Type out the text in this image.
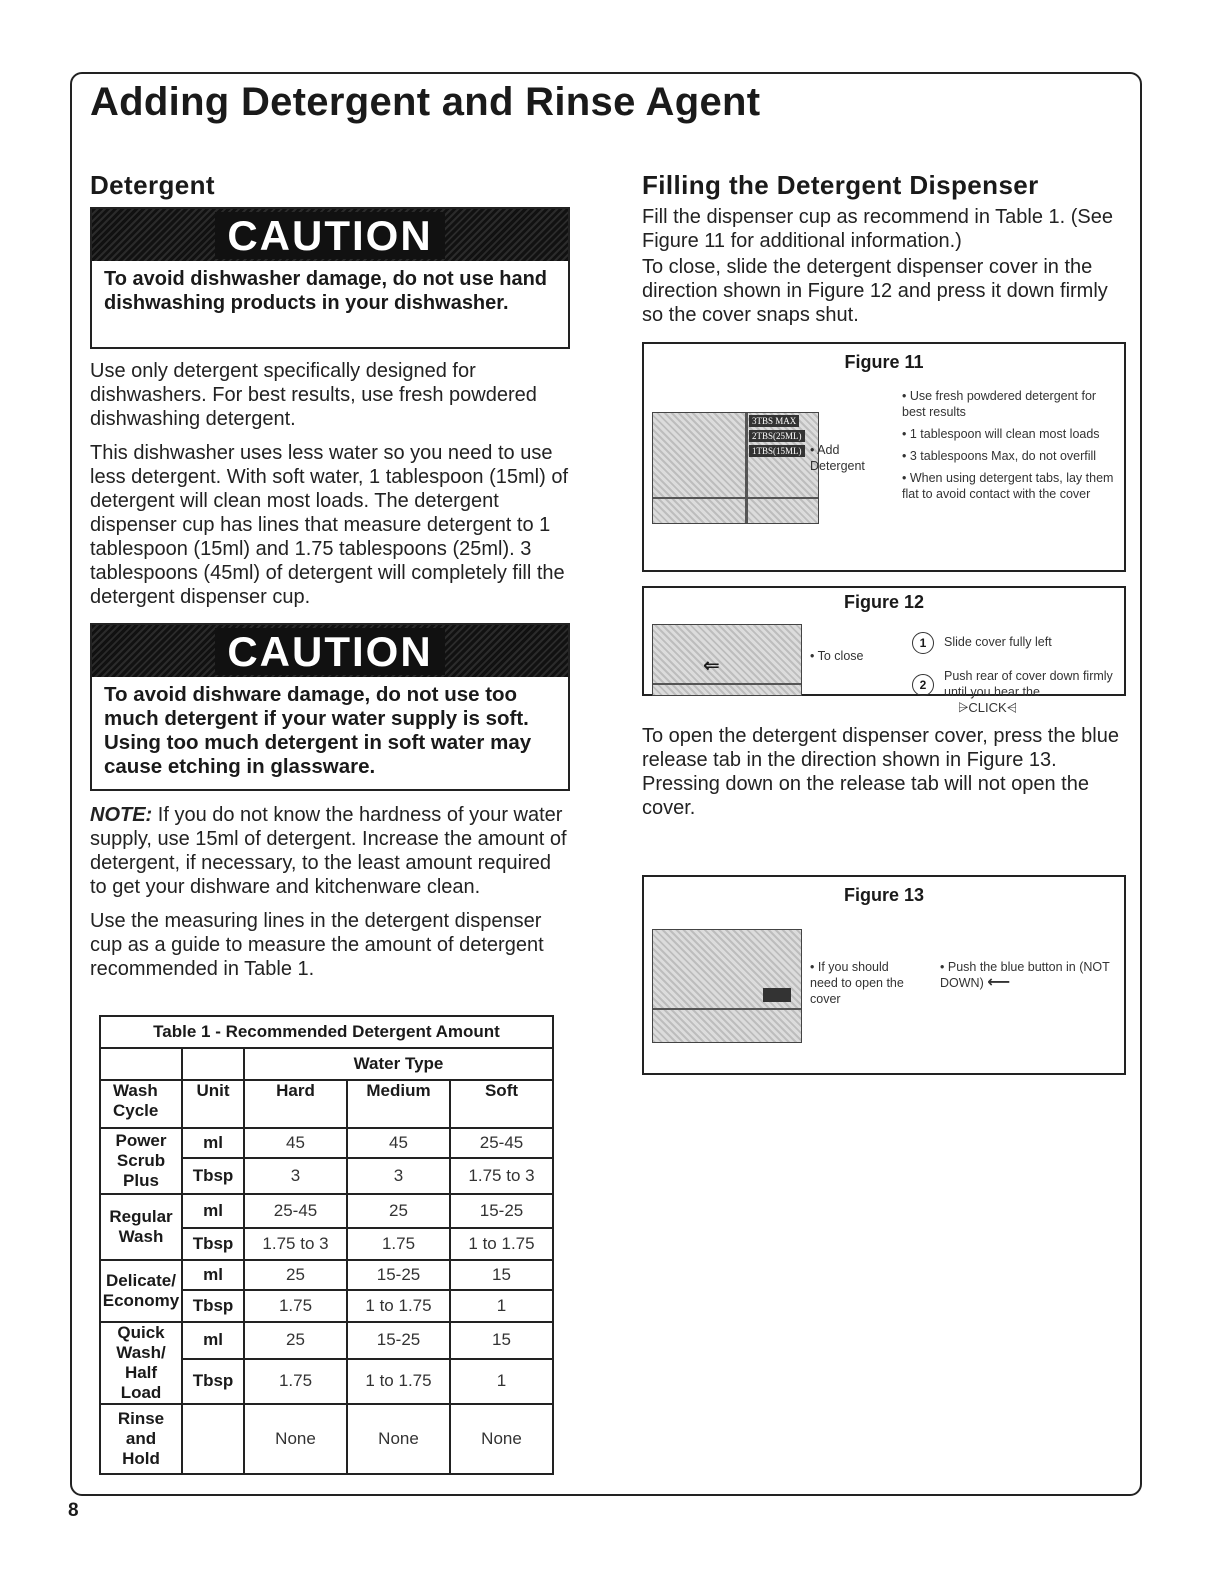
Adding Detergent and Rinse Agent
Detergent
CAUTION
To avoid dishwasher damage, do not use hand dishwashing products in your dishwasher.

Use only detergent specifically designed for dishwashers. For best results, use fresh powdered dishwashing detergent.

This dishwasher uses less water so you need to use less detergent. With soft water, 1 tablespoon (15ml) of detergent will clean most loads. The detergent dispenser cup has lines that measure detergent to 1 tablespoon (15ml) and 1.75 tablespoons (25ml). 3 tablespoons (45ml) of detergent will completely fill the detergent dispenser cup.

CAUTION
To avoid dishware damage, do not use too much detergent if your water supply is soft. Using too much detergent in soft water may cause etching in glassware.

NOTE: If you do not know the hardness of your water supply, use 15ml of detergent. Increase the amount of detergent, if necessary, to the least amount required to get your dishware and kitchenware clean.

Use the measuring lines in the detergent dispenser cup as a guide to measure the amount of detergent recommended in Table 1.

Table 1 - Recommended Detergent Amount				
		Water Type		
Wash Cycle	Unit	Hard	Medium	Soft
Power Scrub Plus	ml	45	45	25-45
	Tbsp	3	3	1.75 to 3
Regular Wash	ml	25-45	25	15-25
	Tbsp	1.75 to 3	1.75	1 to 1.75
Delicate/ Economy	ml	25	15-25	15
	Tbsp	1.75	1 to 1.75	1
Quick Wash/ Half Load	ml	25	15-25	15
	Tbsp	1.75	1 to 1.75	1
Rinse and Hold		None	None	None
Filling the Detergent Dispenser

Fill the dispenser cup as recommend in Table 1. (See Figure 11 for additional information.)

To close, slide the detergent dispenser cover in the direction shown in Figure 12 and press it down firmly so the cover snaps shut.

Figure 11
3TBS MAX
2TBS(25ML)
1TBS(15ML)	• Add Detergent
• Use fresh powdered detergent for best results
• 1 tablespoon will clean most loads
• 3 tablespoons Max, do not overfill
• When using detergent tabs, lay them flat to avoid contact with the cover
Figure 12
⇐	• To close
1	Slide cover fully left
2
Push rear of cover down firmly until you hear the
⩥CLICK⩤

To open the detergent dispenser cover, press the blue release tab in the direction shown in Figure 13. Pressing down on the release tab will not open the cover.

Figure 13
• If you should need to open the cover
• Push the blue button in (NOT DOWN) ⟵
8
